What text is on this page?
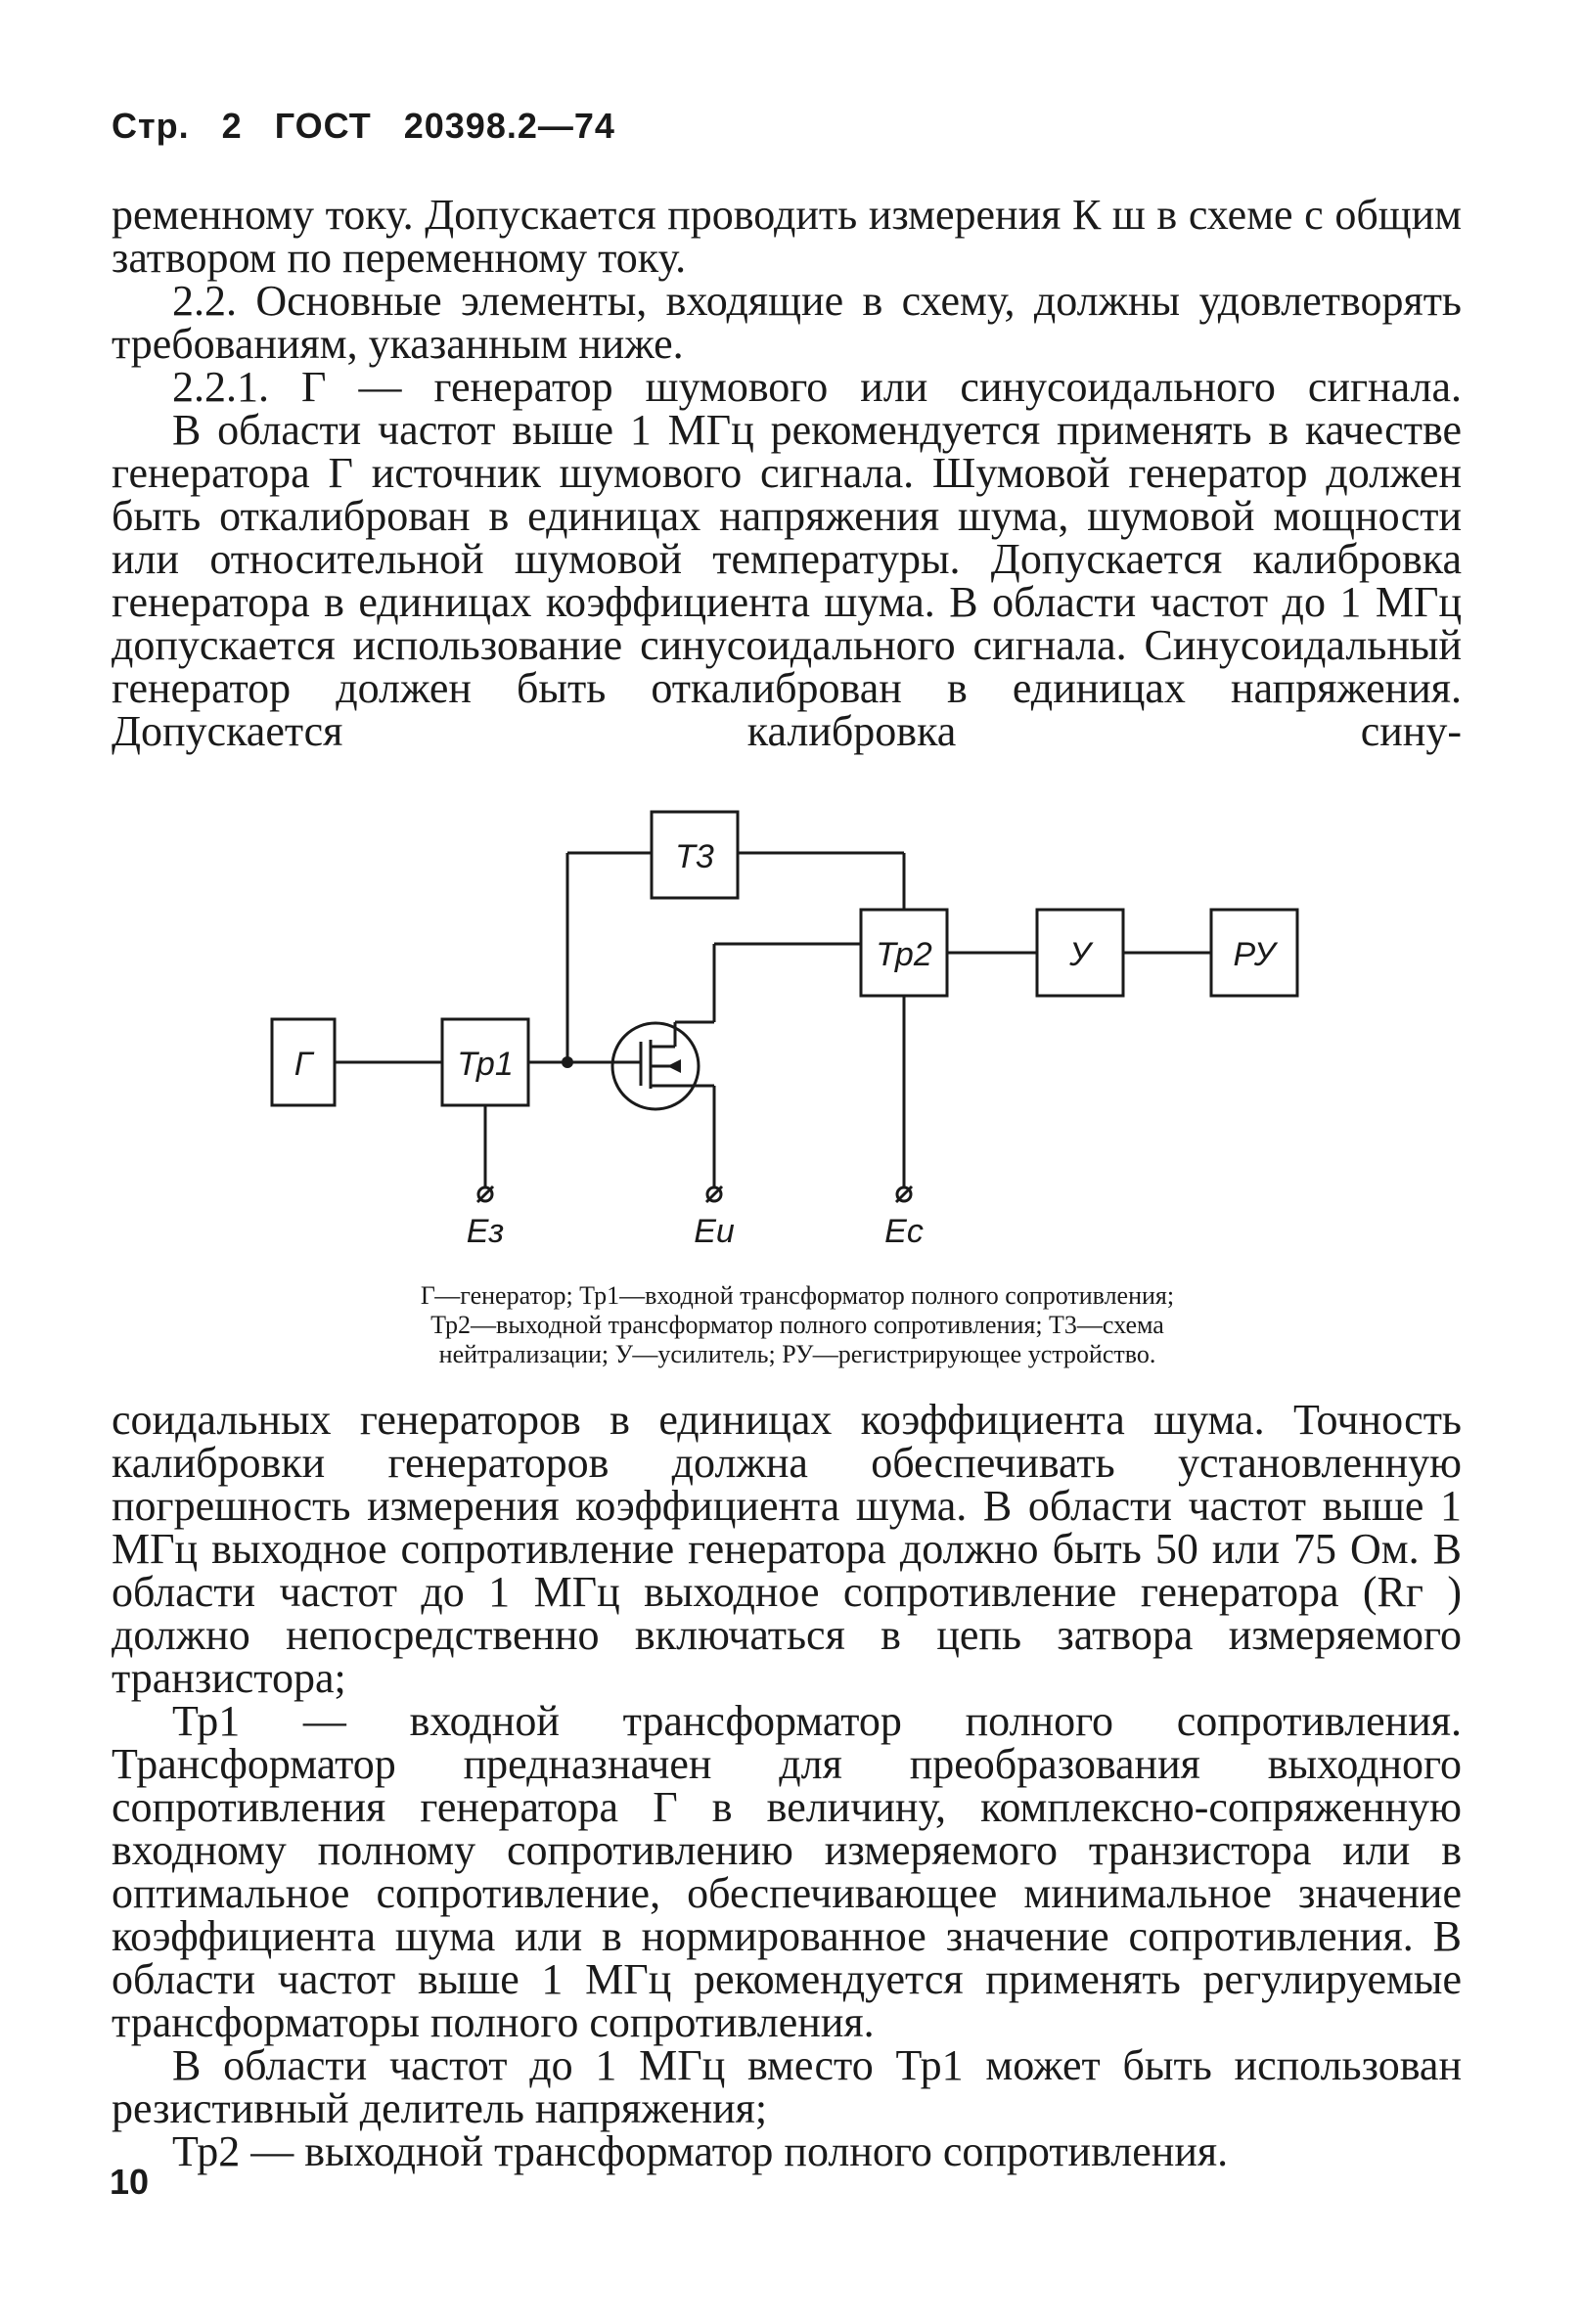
Стр. 2 ГОСТ 20398.2—74

ременному току. Допускается проводить измерения К ш в схеме с общим затвором по переменному току.

2.2. Основные элементы, входящие в схему, должны удовлетворять требованиям, указанным ниже.

2.2.1. Г — генератор шумового или синусоидального сигнала.

В области частот выше 1 МГц рекомендуется применять в качестве генератора Г источник шумового сигнала. Шумовой генератор должен быть откалиброван в единицах напряжения шума, шумовой мощности или относительной шумовой температуры. Допускается калибровка генератора в единицах коэффициента шума. В области частот до 1 МГц допускается использование синусоидального сигнала. Синусоидальный генератор должен быть откалиброван в единицах напряжения. Допускается калибровка сину-

Г	Тр1
Т3
Тр2	У	РУ
Ез	Еи	Ес
Г—генератор; Тр1—входной трансформатор полного сопротивления;
Тр2—выходной трансформатор полного сопротивления; Т3—схема
нейтрализации; У—усилитель; РУ—регистрирующее устройство.

соидальных генераторов в единицах коэффициента шума. Точность калибровки генераторов должна обеспечивать установленную погрешность измерения коэффициента шума. В области частот выше 1 МГц выходное сопротивление генератора должно быть 50 или 75 Ом. В области частот до 1 МГц выходное сопротивление генератора (Rг ) должно непосредственно включаться в цепь затвора измеряемого транзистора;

Тр1 — входной трансформатор полного сопротивления. Трансформатор предназначен для преобразования выходного сопротивления генератора Г в величину, комплексно-сопряженную входному полному сопротивлению измеряемого транзистора или в оптимальное сопротивление, обеспечивающее минимальное значение коэффициента шума или в нормированное значение сопротивления. В области частот выше 1 МГц рекомендуется применять регулируемые трансформаторы полного сопротивления.

В области частот до 1 МГц вместо Тр1 может быть использован резистивный делитель напряжения;

Тр2 — выходной трансформатор полного сопротивления.

10
